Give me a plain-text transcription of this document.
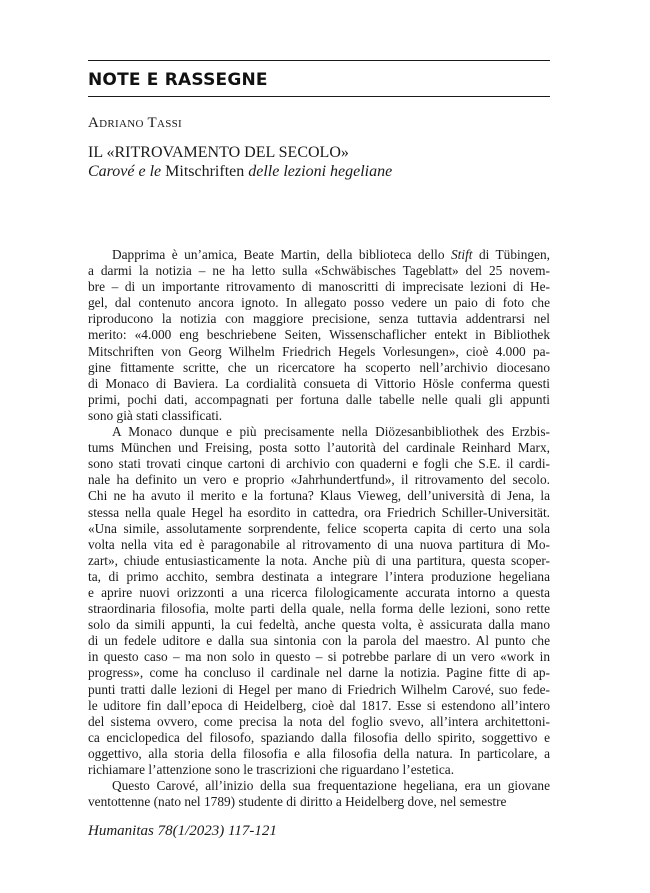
NOTE E RASSEGNE
Adriano Tassi
IL «RITROVAMENTO DEL SECOLO»
Carové e le Mitschriften delle lezioni hegeliane
Dapprima è un’amica, Beate Martin, della biblioteca dello Stift di Tübingen,
a darmi la notizia – ne ha letto sulla «Schwäbisches Tageblatt» del 25 novem-
bre – di un importante ritrovamento di manoscritti di imprecisate lezioni di He-
gel, dal contenuto ancora ignoto. In allegato posso vedere un paio di foto che
riproducono la notizia con maggiore precisione, senza tuttavia addentrarsi nel
merito: «4.000 eng beschriebene Seiten, Wissenschaflicher entekt in Bibliothek
Mitschriften von Georg Wilhelm Friedrich Hegels Vorlesungen», cioè 4.000 pa-
gine fittamente scritte, che un ricercatore ha scoperto nell’archivio diocesano
di Monaco di Baviera. La cordialità consueta di Vittorio Hösle conferma questi
primi, pochi dati, accompagnati per fortuna dalle tabelle nelle quali gli appunti
sono già stati classificati.
A Monaco dunque e più precisamente nella Diözesanbibliothek des Erzbis-
tums München und Freising, posta sotto l’autorità del cardinale Reinhard Marx,
sono stati trovati cinque cartoni di archivio con quaderni e fogli che S.E. il cardi-
nale ha definito un vero e proprio «Jahrhundertfund», il ritrovamento del secolo.
Chi ne ha avuto il merito e la fortuna? Klaus Vieweg, dell’università di Jena, la
stessa nella quale Hegel ha esordito in cattedra, ora Friedrich Schiller-Universität.
«Una simile, assolutamente sorprendente, felice scoperta capita di certo una sola
volta nella vita ed è paragonabile al ritrovamento di una nuova partitura di Mo-
zart», chiude entusiasticamente la nota. Anche più di una partitura, questa scoper-
ta, di primo acchito, sembra destinata a integrare l’intera produzione hegeliana
e aprire nuovi orizzonti a una ricerca filologicamente accurata intorno a questa
straordinaria filosofia, molte parti della quale, nella forma delle lezioni, sono rette
solo da simili appunti, la cui fedeltà, anche questa volta, è assicurata dalla mano
di un fedele uditore e dalla sua sintonia con la parola del maestro. Al punto che
in questo caso – ma non solo in questo – si potrebbe parlare di un vero «work in
progress», come ha concluso il cardinale nel darne la notizia. Pagine fitte di ap-
punti tratti dalle lezioni di Hegel per mano di Friedrich Wilhelm Carové, suo fede-
le uditore fin dall’epoca di Heidelberg, cioè dal 1817. Esse si estendono all’intero
del sistema ovvero, come precisa la nota del foglio svevo, all’intera architettoni-
ca enciclopedica del filosofo, spaziando dalla filosofia dello spirito, soggettivo e
oggettivo, alla storia della filosofia e alla filosofia della natura. In particolare, a
richiamare l’attenzione sono le trascrizioni che riguardano l’estetica.
Questo Carové, all’inizio della sua frequentazione hegeliana, era un giovane
ventottenne (nato nel 1789) studente di diritto a Heidelberg dove, nel semestre
Humanitas 78(1/2023) 117-121
